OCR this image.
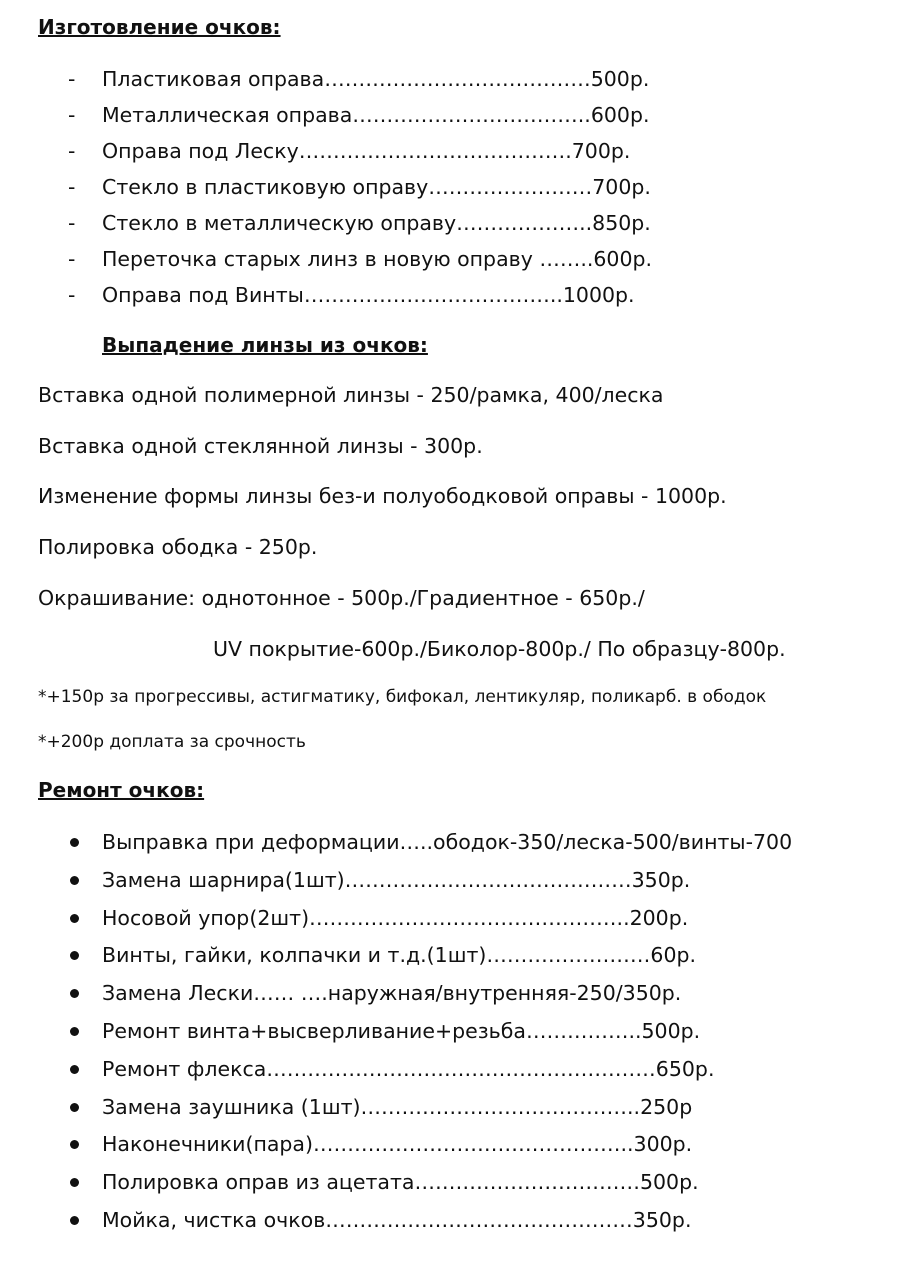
Изготовление очков:
- Пластиковая оправа…………………………………500р.
- Металлическая оправа……………………………..600р.
- Оправа под Леску………………………………….700р.
- Стекло в пластиковую оправу……………………700р.
- Стекло в металлическую оправу………………..850р.
- Переточка старых линз в новую оправу ……..600р.
- Оправа под Винты………………………………..1000р.
Выпадение линзы из очков:
Вставка одной полимерной линзы - 250/рамка, 400/леска
Вставка одной стеклянной линзы - 300р.
Изменение формы линзы без-и полуободковой оправы - 1000р.
Полировка ободка - 250р.
Окрашивание: однотонное - 500р./Градиентное - 650р./
UV покрытие-600р./Биколор-800р./ По образцу-800р.
*+150р за прогрессивы, астигматику, бифокал, лентикуляр, поликарб. в ободок
*+200р доплата за срочность
Ремонт очков:
Выправка при деформации…..ободок-350/леска-500/винты-700
Замена шарнира(1шт)……………………………………350р.
Носовой упор(2шт)………………………………………..200р.
Винты, гайки, колпачки и т.д.(1шт)……………………60р.
Замена Лески…… ….наружная/внутренняя-250/350р.
Ремонт винта+высверливание+резьба……………..500р.
Ремонт флекса…………………………………………………650р.
Замена заушника (1шт)…………………………………..250р
Наконечники(пара)………………………………………..300р.
Полировка оправ из ацетата……………………………500р.
Мойка, чистка очков………………………………………350р.
